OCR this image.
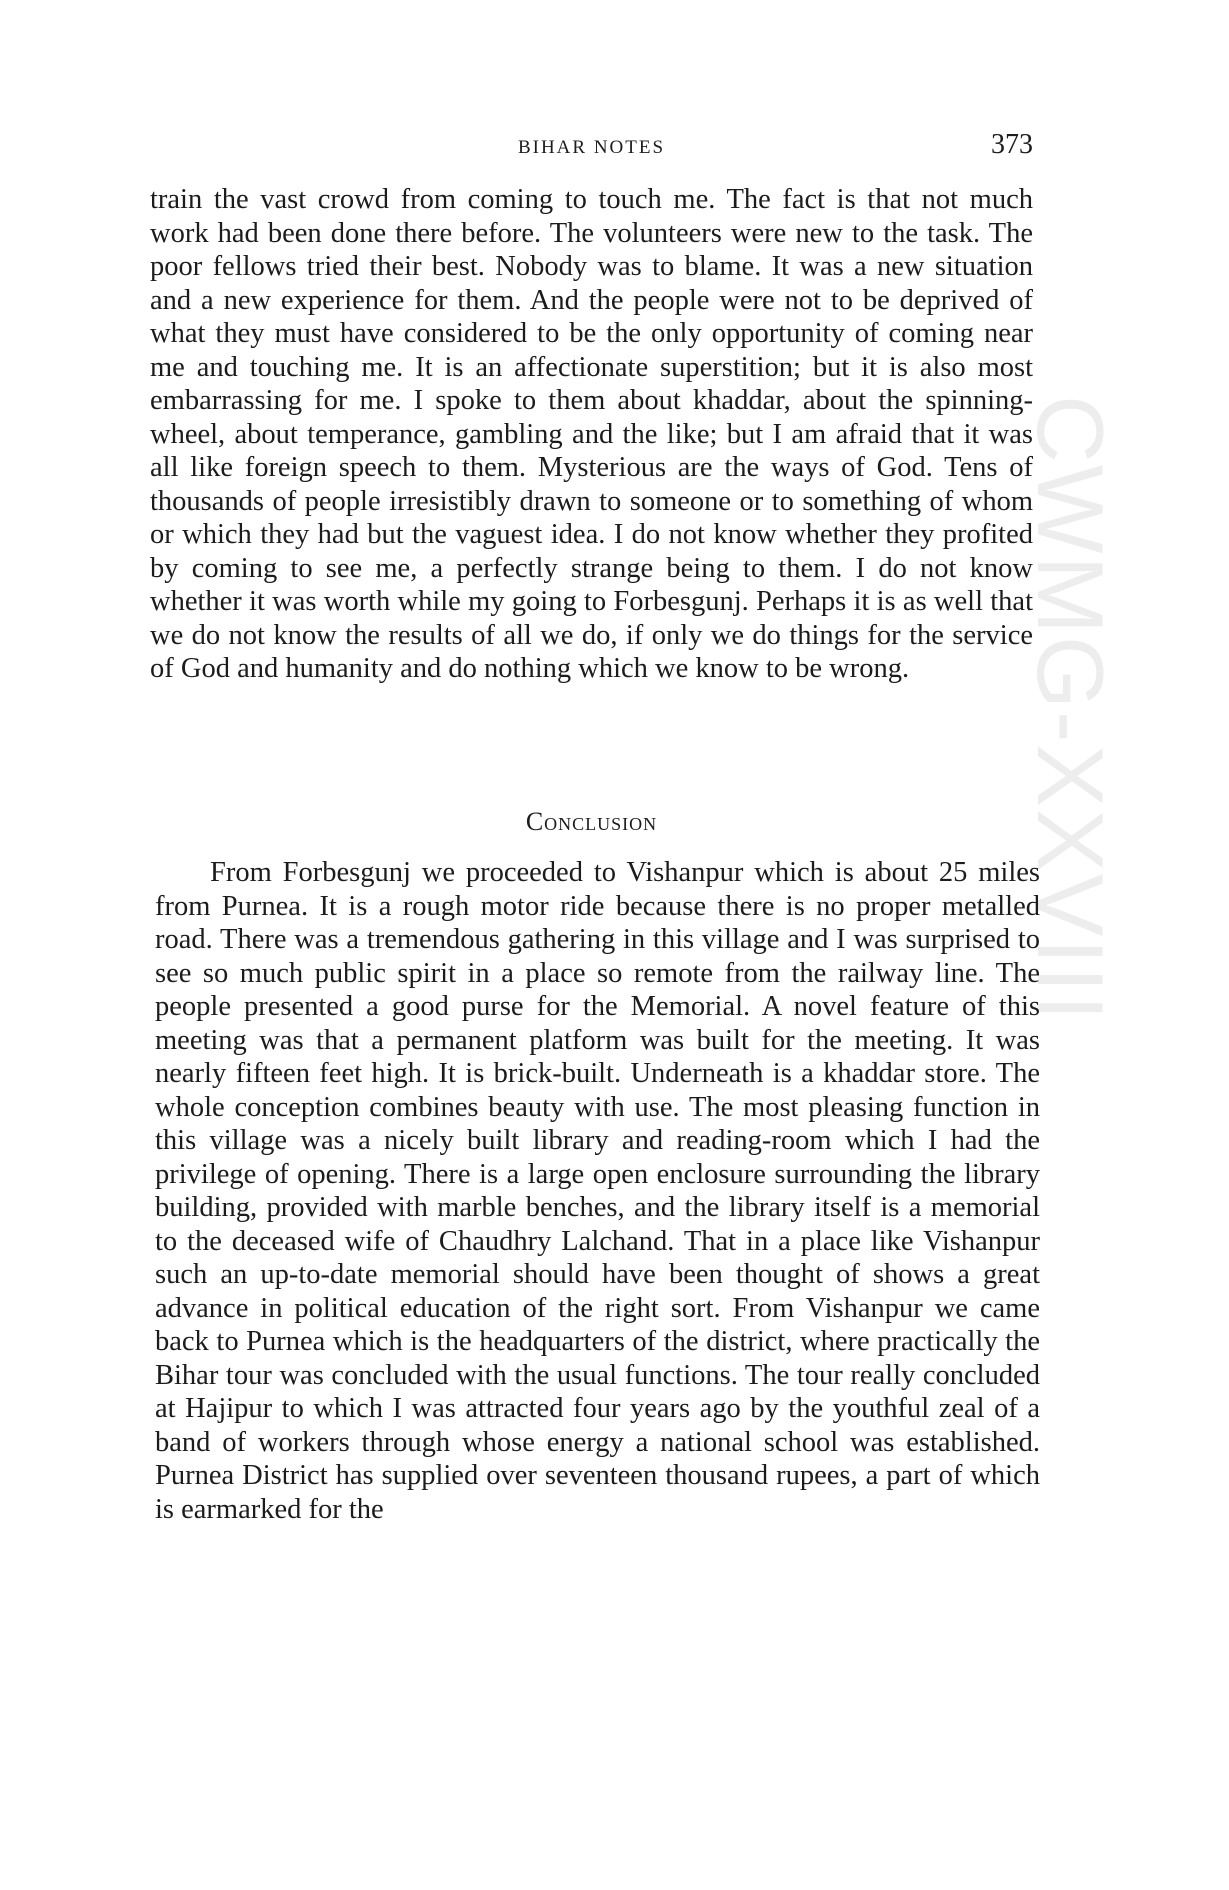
CWMG-XXVIII
BIHAR NOTES	373

train the vast crowd from coming to touch me. The fact is that not much work had been done there before. The volunteers were new to the task. The poor fellows tried their best. Nobody was to blame. It was a new situation and a new experience for them. And the people were not to be deprived of what they must have considered to be the only opportunity of coming near me and touching me. It is an affectionate superstition; but it is also most embarrassing for me. I spoke to them about khaddar, about the spinning-wheel, about temperance, gambling and the like; but I am afraid that it was all like foreign speech to them. Mysterious are the ways of God. Tens of thousands of people irresistibly drawn to someone or to something of whom or which they had but the vaguest idea. I do not know whether they profited by coming to see me, a perfectly strange being to them. I do not know whether it was worth while my going to Forbesgunj. Perhaps it is as well that we do not know the results of all we do, if only we do things for the service of God and humanity and do nothing which we know to be wrong.

Conclusion

From Forbesgunj we proceeded to Vishanpur which is about 25 miles from Purnea. It is a rough motor ride because there is no proper metalled road. There was a tremendous gathering in this village and I was surprised to see so much public spirit in a place so remote from the railway line. The people presented a good purse for the Memorial. A novel feature of this meeting was that a permanent platform was built for the meeting. It was nearly fifteen feet high. It is brick-built. Underneath is a khaddar store. The whole conception combines beauty with use. The most pleasing function in this village was a nicely built library and reading-room which I had the privilege of opening. There is a large open enclosure surrounding the library building, provided with marble benches, and the library itself is a memorial to the deceased wife of Chaudhry Lalchand. That in a place like Vishanpur such an up-to-date memorial should have been thought of shows a great advance in political education of the right sort. From Vishanpur we came back to Purnea which is the headquarters of the district, where practically the Bihar tour was concluded with the usual functions. The tour really concluded at Hajipur to which I was attracted four years ago by the youthful zeal of a band of workers through whose energy a national school was established. Purnea District has supplied over seventeen thousand rupees, a part of which is earmarked for the
